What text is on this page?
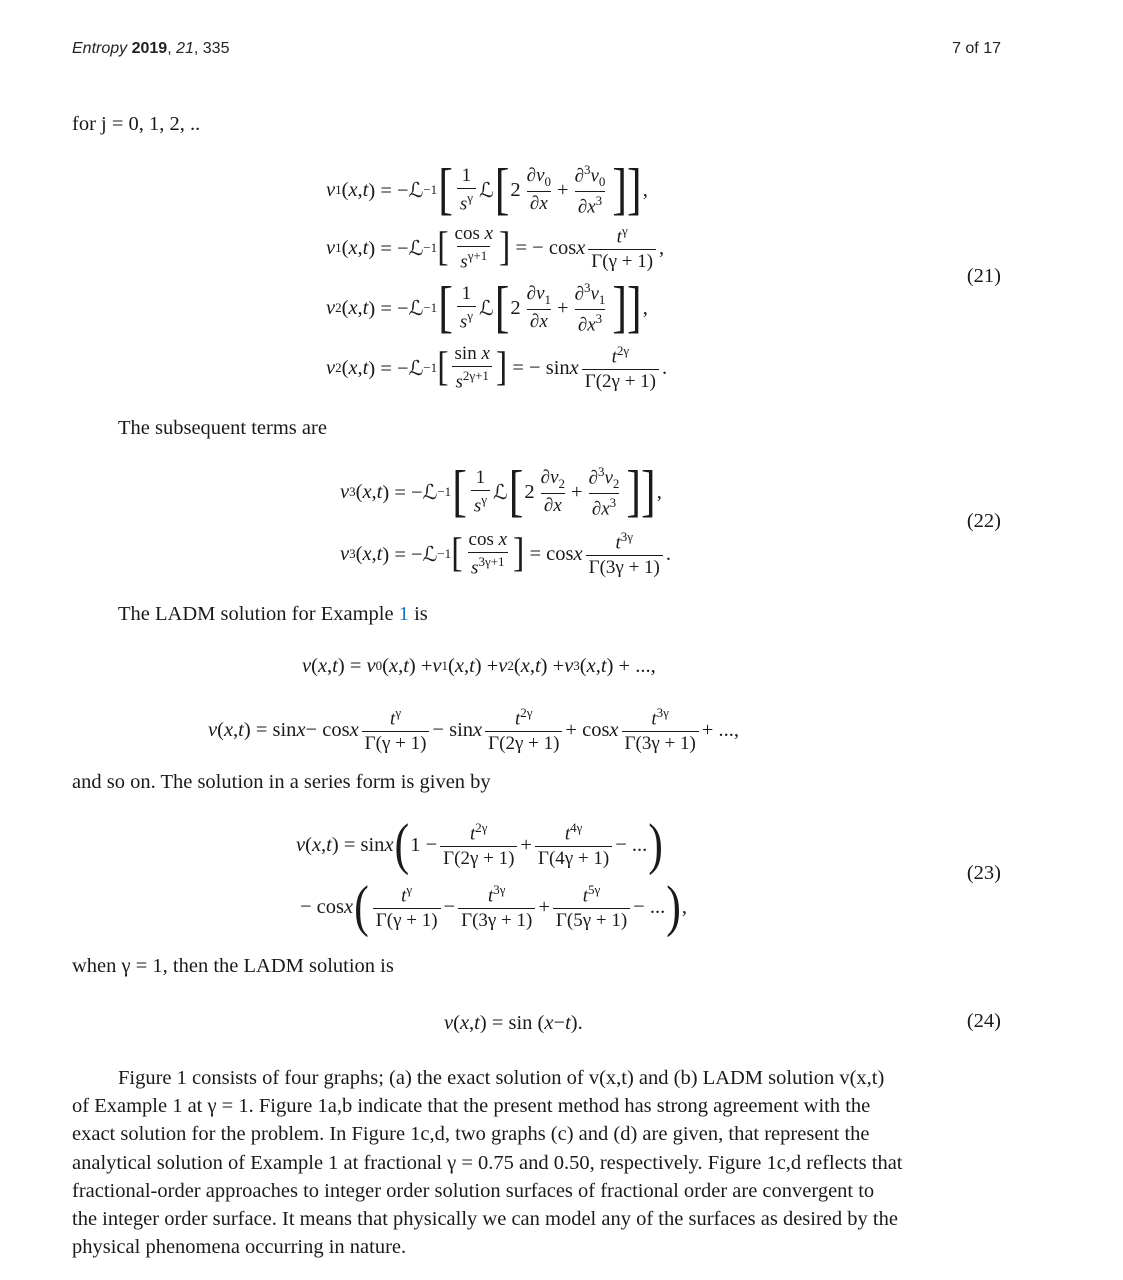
Entropy 2019, 21, 335	7 of 17
for j = 0, 1, 2, ..
v 1 ( x , t ) = −ℒ −1 [ $\frac{1}{s^\gamma}$ ℒ [ $2 \frac{\partial v_0}{\partial x} + \frac{\partial^3v_0}{\partial x^3}$ ]] ,
v 1 ( x , t ) = −ℒ −1 [ $\frac{\text{cos x}}{s^{\gamma+1}}$ ] = − cos x $\frac{t^\gamma}{\Gamma(\gamma + 1)}$ ,
v 2 ( x , t ) = −ℒ −1 [ $\frac{1}{s^\gamma}$ ℒ [ $2 \frac{\partial v_1}{\partial x} + \frac{\partial^3v_1}{\partial x^3}$ ]] ,
v 2 ( x , t ) = −ℒ −1 [ $\frac{\text{sin x}}{s^{2\gamma+1}}$ ] = − sin x $\frac{t^{2\gamma}}{\Gamma(2\gamma + 1)}$ .
(21)
The subsequent terms are
v 3 ( x , t ) = −ℒ −1 [ $\frac{1}{s^\gamma}$ ℒ [ $2 \frac{\partial v_2}{\partial x} + \frac{\partial^3v_2}{\partial x^3}$ ]] ,
v 3 ( x , t ) = −ℒ −1 [ $\frac{\text{cos x}}{s^{3\gamma+1}}$ ] = cos x $\frac{t^{3\gamma}}{\Gamma(3\gamma + 1)}$ .
(22)
The LADM solution for Example 1 is
v ( x , t ) = v 0 ( x , t ) + v 1 ( x , t ) + v 2 ( x , t ) + v 3 ( x , t ) + ...,
v ( x , t ) = sin x − cos x $\frac{t^\gamma}{\Gamma(\gamma + 1)} - \sin x \frac{t^{2\gamma}}{\Gamma(2\gamma + 1)} + \cos x \frac{t^{3\gamma}}{\Gamma(3\gamma + 1)}$ + ...,
and so on. The solution in a series form is given by
v ( x , t ) = sin x ( $1 - \frac{t^{2\gamma}}{\Gamma(2\gamma + 1)} + \frac{t^{4\gamma}}{\Gamma(4\gamma + 1)}$ − ... )
− cos x ( $\frac{t^\gamma}{\Gamma(\gamma + 1)} - \frac{t^{3\gamma}}{\Gamma(3\gamma + 1)} + \frac{t^{5\gamma}}{\Gamma(5\gamma + 1)}$ − ... ) ,
(23)
when γ = 1, then the LADM solution is
v ( x , t ) = sin ( x − t ).	(24)
Figure 1 consists of four graphs; (a) the exact solution of v(x,t) and (b) LADM solution v(x,t)
of Example 1 at γ = 1. Figure 1a,b indicate that the present method has strong agreement with the
exact solution for the problem. In Figure 1c,d, two graphs (c) and (d) are given, that represent the
analytical solution of Example 1 at fractional γ = 0.75 and 0.50, respectively. Figure 1c,d reflects that
fractional-order approaches to integer order solution surfaces of fractional order are convergent to
the integer order surface. It means that physically we can model any of the surfaces as desired by the
physical phenomena occurring in nature.
